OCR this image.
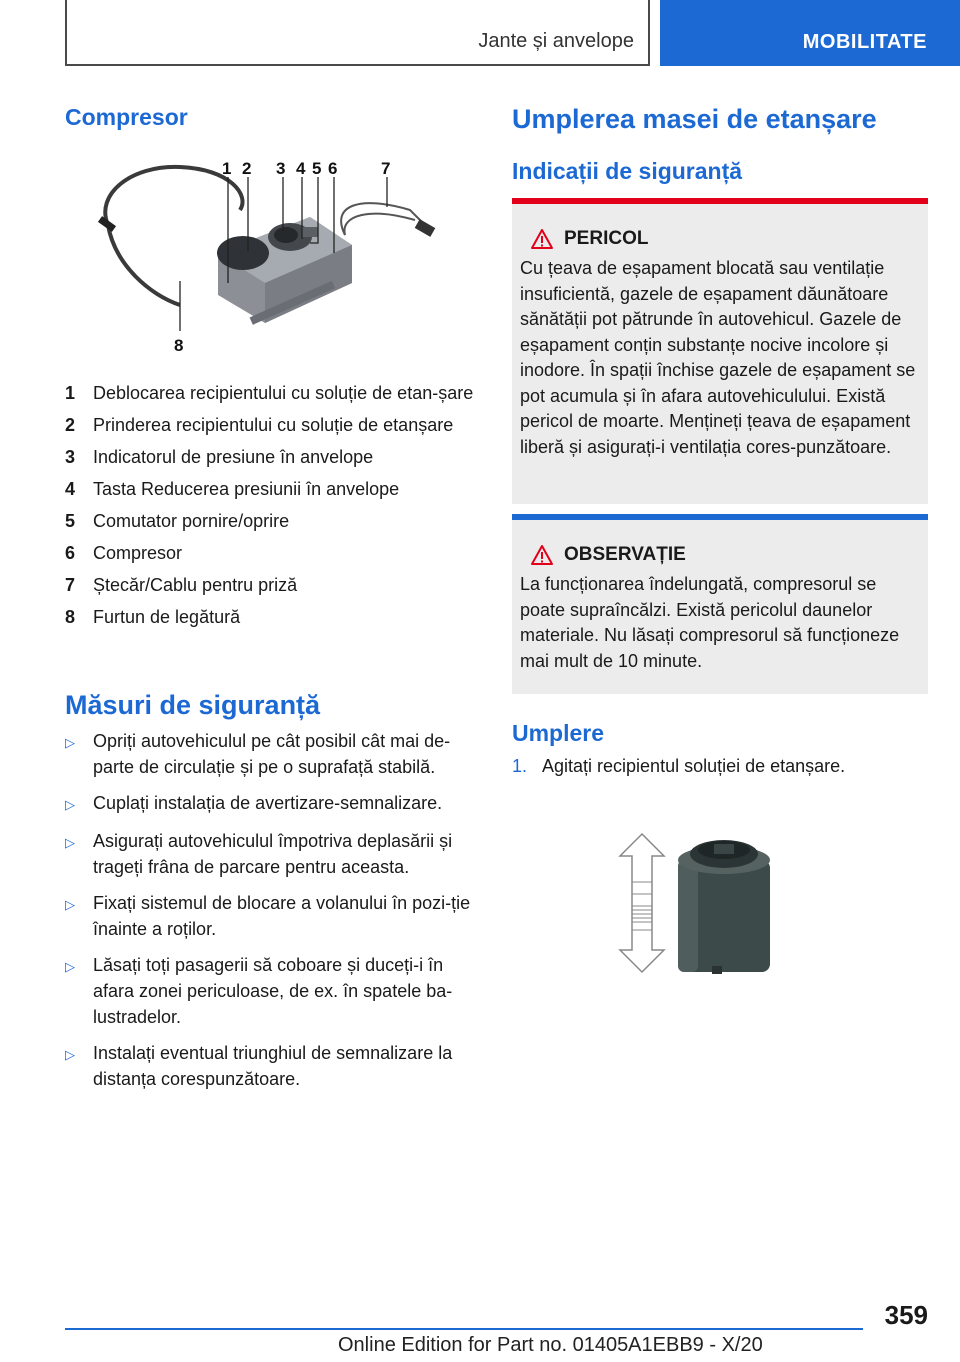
Jante și anvelope	MOBILITATE
Compresor
1 2 3 4 5 6	7
8
1 Deblocarea recipientului cu soluție de etan‐șare
2 Prinderea recipientului cu soluție de etanșare
3 Indicatorul de presiune în anvelope
4 Tasta Reducerea presiunii în anvelope
5 Comutator pornire/oprire
6 Compresor
7 Ștecăr/Cablu pentru priză
8 Furtun de legătură
Măsuri de siguranță
▷	Opriți autovehiculul pe cât posibil cât mai de‐parte de circulație și pe o suprafață stabilă.
▷	Cuplați instalația de avertizare-semnalizare.
▷	Asigurați autovehiculul împotriva deplasării și trageți frâna de parcare pentru aceasta.
▷	Fixați sistemul de blocare a volanului în pozi‐ție înainte a roților.
▷	Lăsați toți pasagerii să coboare și duceți-i în afara zonei periculoase, de ex. în spatele ba‐lustradelor.
▷	Instalați eventual triunghiul de semnalizare la distanța corespunzătoare.
Umplerea masei de etanșare
Indicații de siguranță
PERICOL
Cu țeava de eșapament blocată sau ventilație insuficientă, gazele de eșapament dăunătoare sănătății pot pătrunde în autovehicul. Gazele de eșapament conțin substanțe nocive incolore și inodore. În spații închise gazele de eșapament se pot acumula și în afara autovehiculului. Există pericol de moarte. Mențineți țeava de eșapament liberă și asigurați-i ventilația cores‐punzătoare.
OBSERVAȚIE
La funcționarea îndelungată, compresorul se poate supraîncălzi. Există pericolul daunelor materiale. Nu lăsați compresorul să funcționeze mai mult de 10 minute.
Umplere
1. Agitați recipientul soluției de etanșare.
359
Online Edition for Part no. 01405A1EBB9 - X/20
